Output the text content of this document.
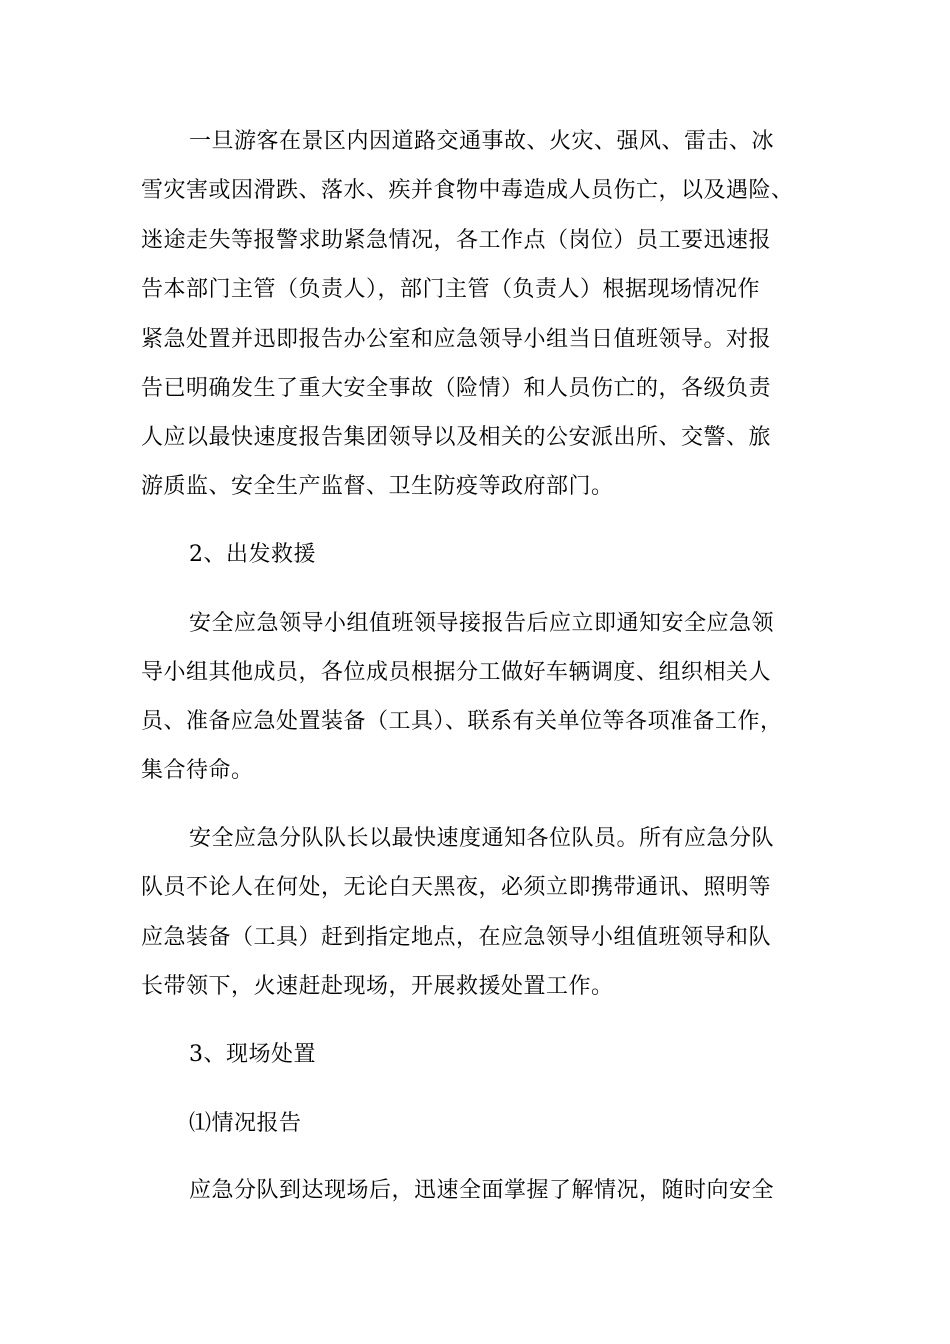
一旦游客在景区内因道路交通事故、火灾、强风、雷击、冰
雪灾害或因滑跌、落水、疾并食物中毒造成人员伤亡，以及遇险、
迷途走失等报警求助紧急情况，各工作点（岗位）员工要迅速报
告本部门主管（负责人），部门主管（负责人）根据现场情况作
紧急处置并迅即报告办公室和应急领导小组当日值班领导。对报
告已明确发生了重大安全事故（险情）和人员伤亡的，各级负责
人应以最快速度报告集团领导以及相关的公安派出所、交警、旅
游质监、安全生产监督、卫生防疫等政府部门。
2、出发救援
安全应急领导小组值班领导接报告后应立即通知安全应急领
导小组其他成员，各位成员根据分工做好车辆调度、组织相关人
员、准备应急处置装备（工具）、联系有关单位等各项准备工作，
集合待命。
安全应急分队队长以最快速度通知各位队员。所有应急分队
队员不论人在何处，无论白天黑夜，必须立即携带通讯、照明等
应急装备（工具）赶到指定地点，在应急领导小组值班领导和队
长带领下，火速赶赴现场，开展救援处置工作。
3、现场处置
⑴情况报告
应急分队到达现场后，迅速全面掌握了解情况，随时向安全
